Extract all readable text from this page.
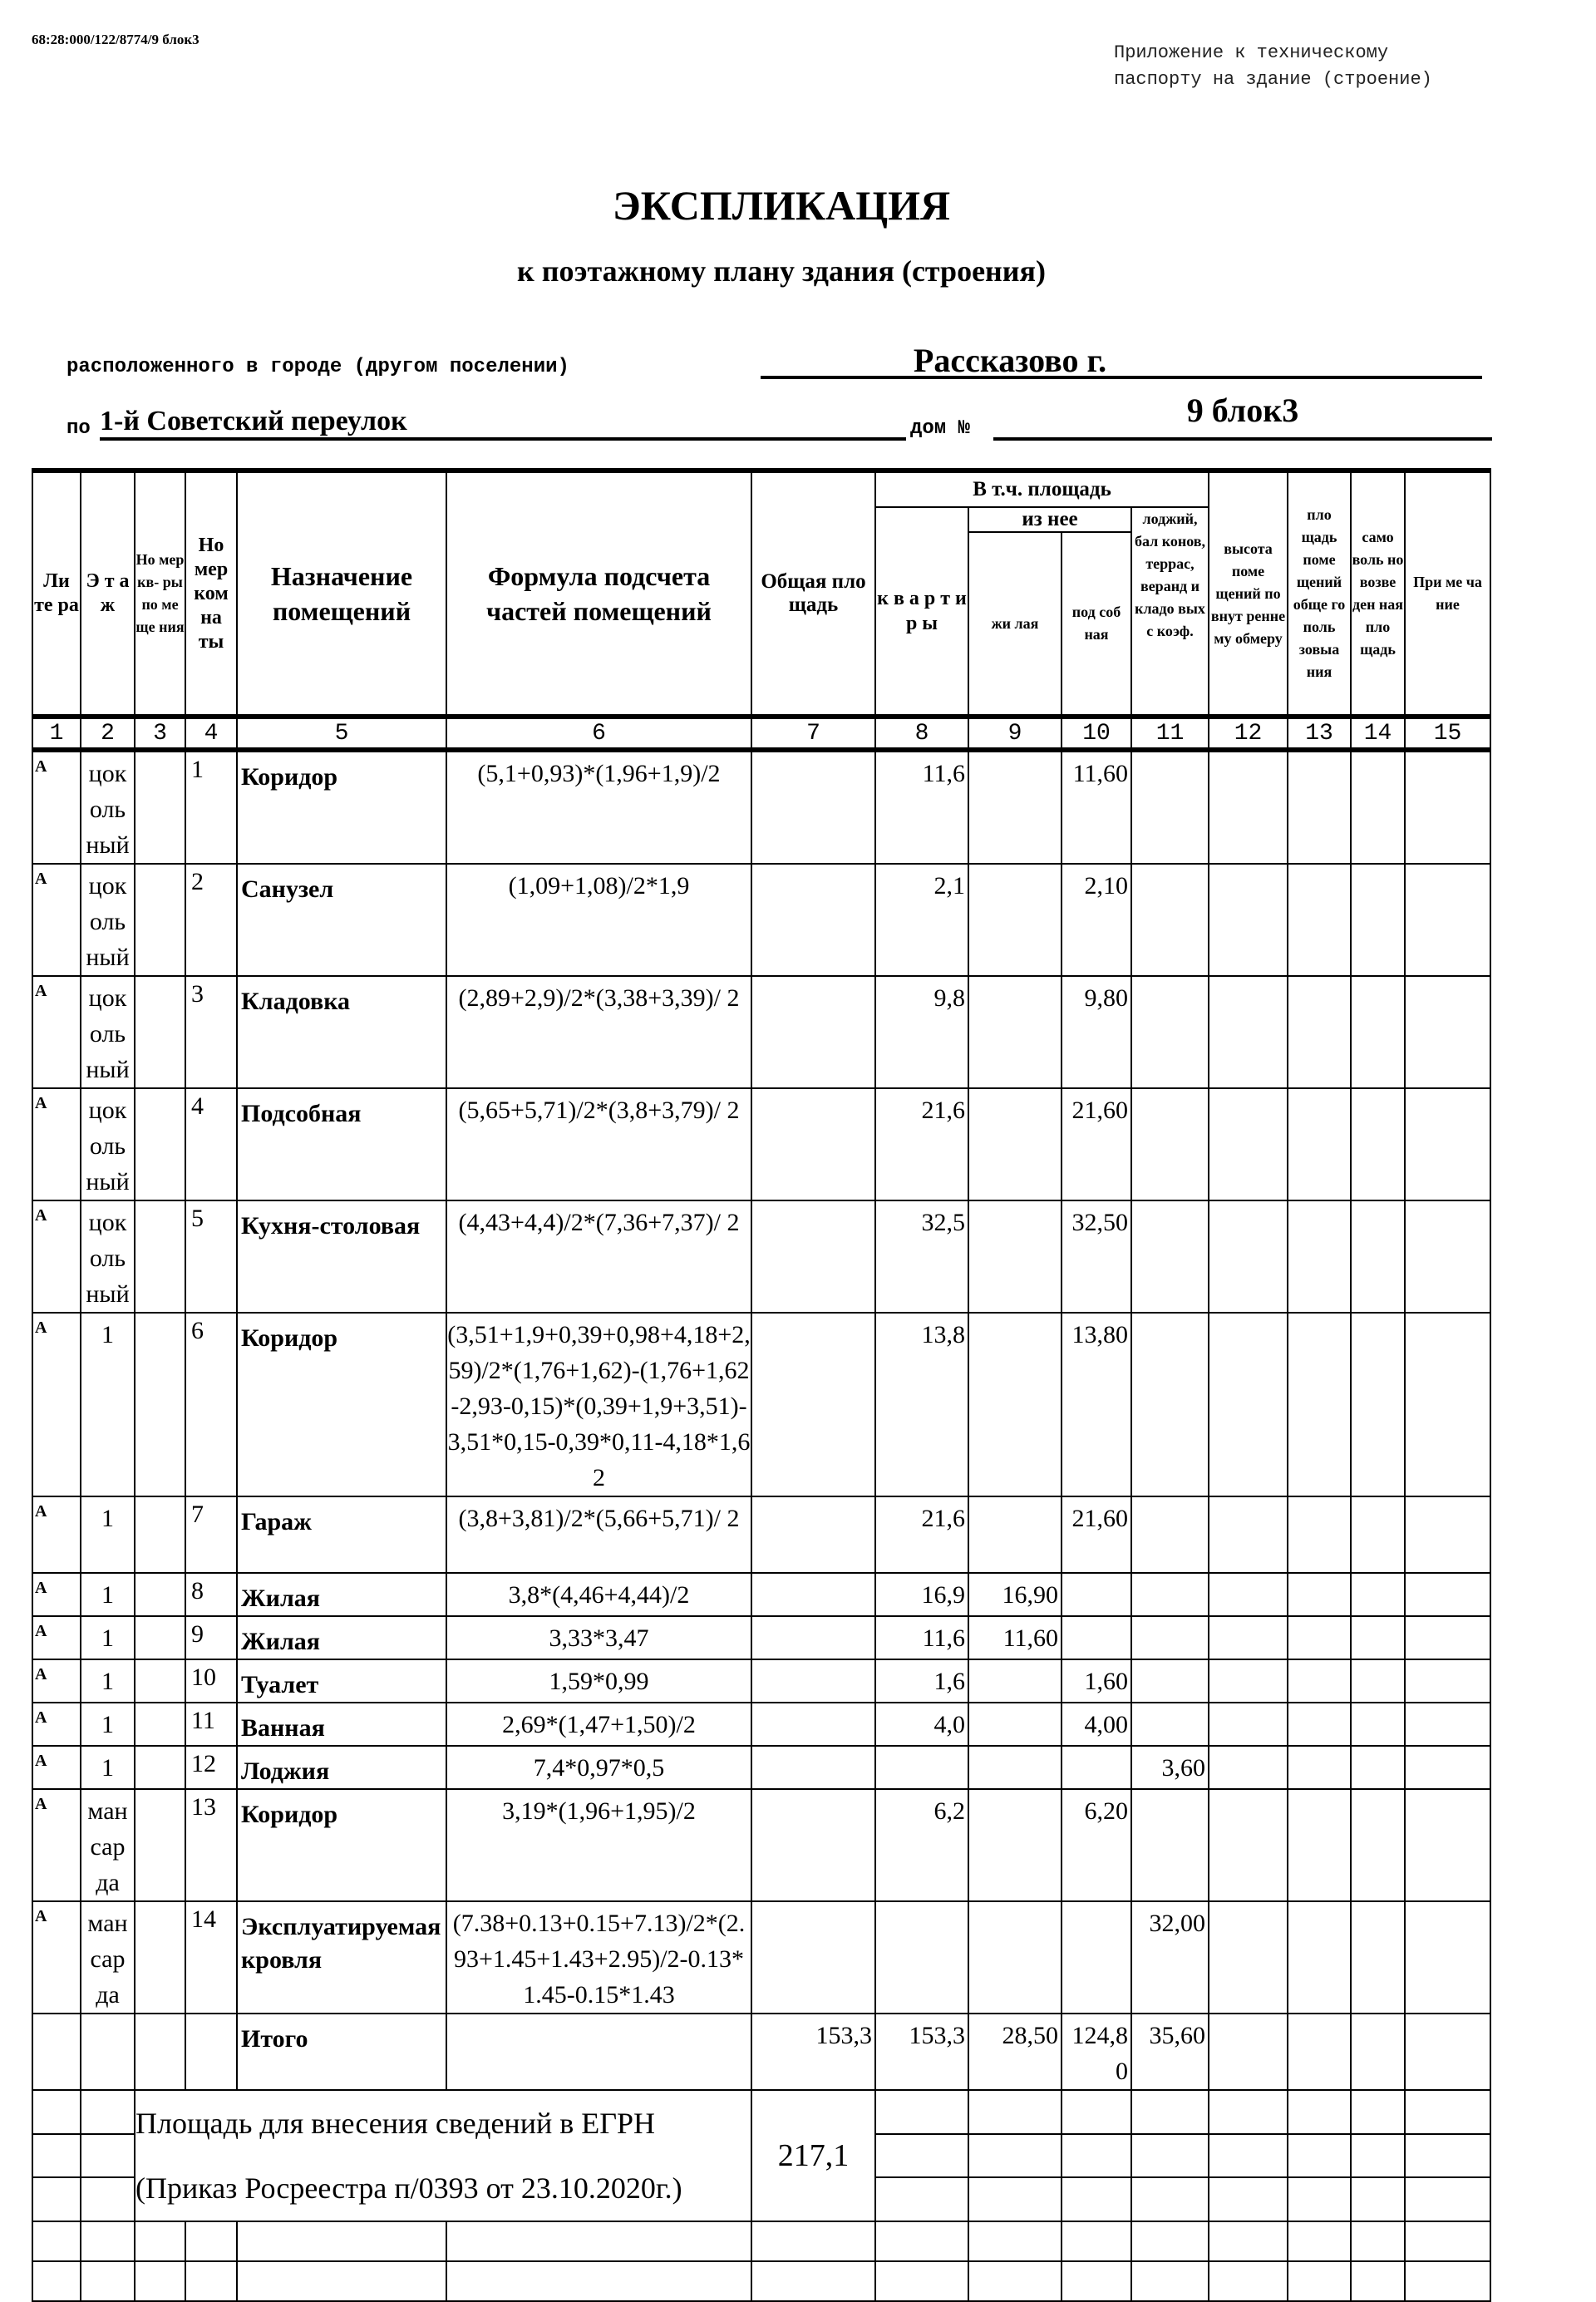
68:28:000/122/8774/9 блок3
Приложение к техническому
паспорту на здание (строение)
ЭКСПЛИКАЦИЯ
к поэтажному плану здания (строения)
расположенного в городе (другом поселении)	Рассказово г.
по 1-й Советский переулок	дом №	9 блок3
Ли те ра	Э т а ж	Но мер кв- ры по ме ще ния	Но мер ком на ты	Назначение помещений	Формула подсчета частей помещений	Общая пло щадь	В т.ч. площадь				высота поме щений по внут ренне му обмеру	пло щадь поме щений обще го поль зовыа ния	само воль но возве ден ная пло щадь	При ме ча ние
							к в а р т и р ы	из нее		лоджий, бал конов, террас, веранд и кладо вых с коэф.				
								жи лая	под соб ная					
1	2	3	4	5	6	7	8	9	10	11	12	13	14	15
А	цок оль ный		1	Коридор	(5,1+0,93)*(1,96+1,9)/2		11,6		11,60					
А	цок оль ный		2	Санузел	(1,09+1,08)/2*1,9		2,1		2,10					
А	цок оль ный		3	Кладовка	(2,89+2,9)/2*(3,38+3,39)/ 2		9,8		9,80					
А	цок оль ный		4	Подсобная	(5,65+5,71)/2*(3,8+3,79)/ 2		21,6		21,60					
А	цок оль ный		5	Кухня-столовая	(4,43+4,4)/2*(7,36+7,37)/ 2		32,5		32,50					
А	1		6	Коридор	(3,51+1,9+0,39+0,98+4,18+2,59)/2*(1,76+1,62)-(1,76+1,62-2,93-0,15)*(0,39+1,9+3,51)-3,51*0,15-0,39*0,11-4,18*1,62		13,8		13,80					
А	1		7	Гараж	(3,8+3,81)/2*(5,66+5,71)/ 2		21,6		21,60					
А	1		8	Жилая	3,8*(4,46+4,44)/2		16,9	16,90						
А	1		9	Жилая	3,33*3,47		11,6	11,60						
А	1		10	Туалет	1,59*0,99		1,6		1,60					
А	1		11	Ванная	2,69*(1,47+1,50)/2		4,0		4,00					
А	1		12	Лоджия	7,4*0,97*0,5					3,60				
А	ман сар да		13	Коридор	3,19*(1,96+1,95)/2		6,2		6,20					
А	ман сар да		14	Эксплуатируемая кровля	(7.38+0.13+0.15+7.13)/2*(2.93+1.45+1.43+2.95)/2-0.13*1.45-0.15*1.43					32,00				
				Итого		153,3	153,3	28,50	124,80	35,60				

		Площадь для внесения сведений в ЕГРН
(Приказ Росреестра п/0393 от 23.10.2020г.)				217,1								
